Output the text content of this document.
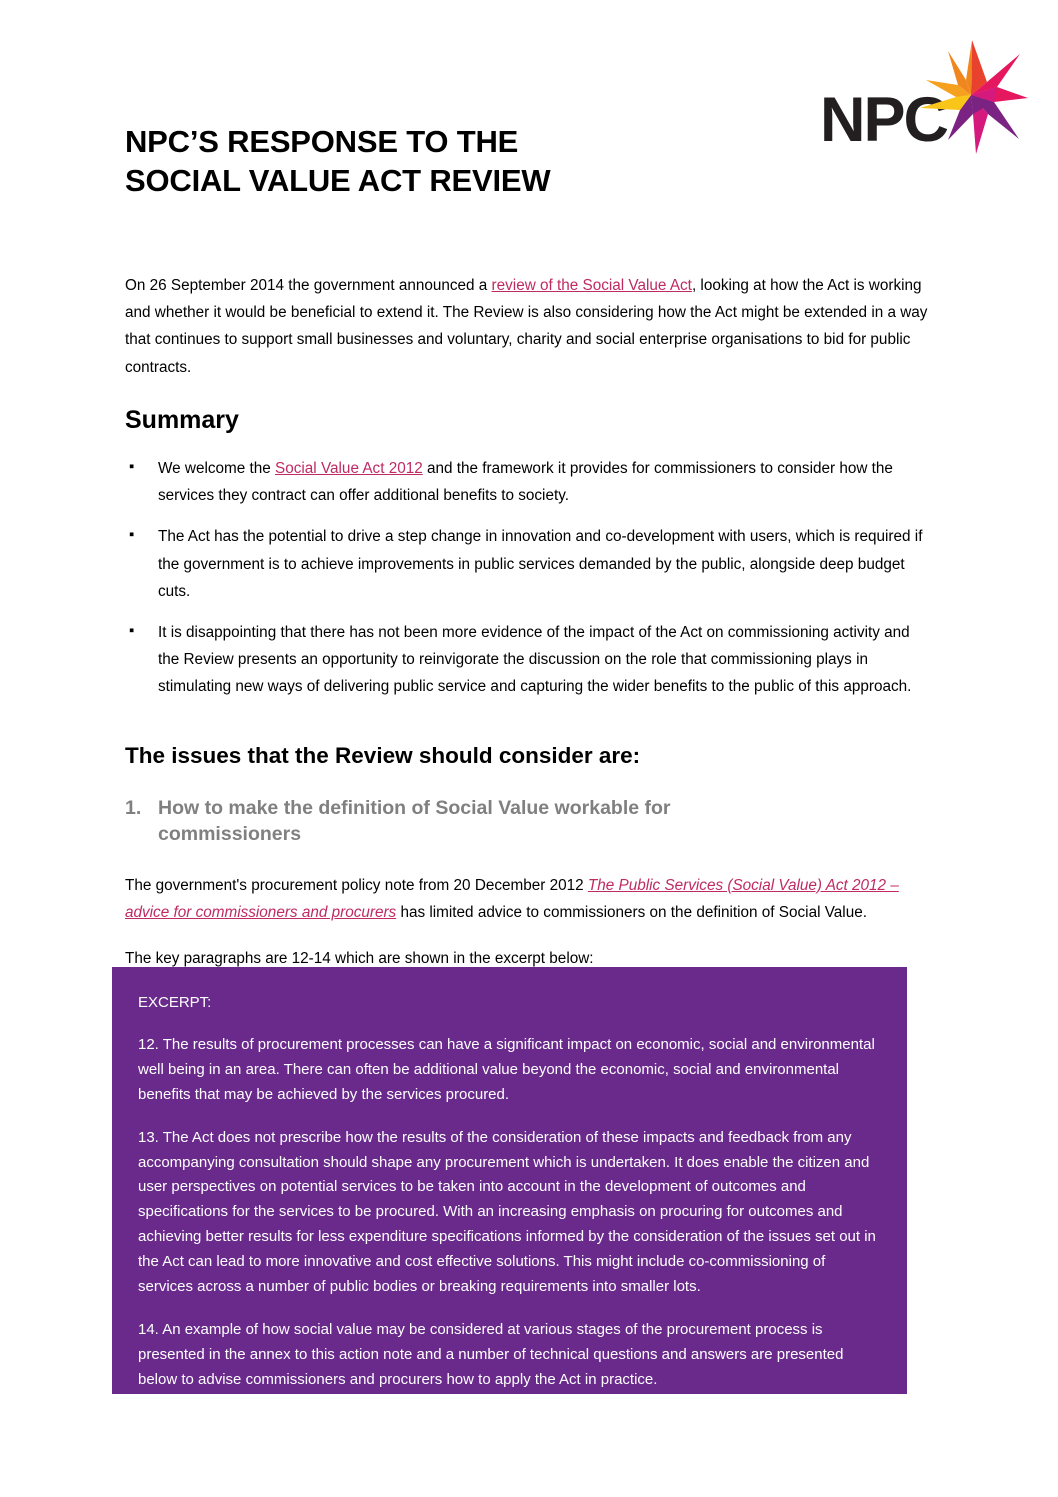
NPC
NPC’S RESPONSE TO THE
SOCIAL VALUE ACT REVIEW

On 26 September 2014 the government announced a review of the Social Value Act, looking at how the Act is working and whether it would be beneficial to extend it. The Review is also considering how the Act might be extended in a way that continues to support small businesses and voluntary, charity and social enterprise organisations to bid for public contracts.

Summary
▪ We welcome the Social Value Act 2012 and the framework it provides for commissioners to consider how the services they contract can offer additional benefits to society.
▪ The Act has the potential to drive a step change in innovation and co-development with users, which is required if the government is to achieve improvements in public services demanded by the public, alongside deep budget cuts.
▪ It is disappointing that there has not been more evidence of the impact of the Act on commissioning activity and the Review presents an opportunity to reinvigorate the discussion on the role that commissioning plays in stimulating new ways of delivering public service and capturing the wider benefits to the public of this approach.
The issues that the Review should consider are:
1. How to make the definition of Social Value workable for commissioners

The government's procurement policy note from 20 December 2012 The Public Services (Social Value) Act 2012 – advice for commissioners and procurers has limited advice to commissioners on the definition of Social Value.

The key paragraphs are 12-14 which are shown in the excerpt below:

EXCERPT:

12. The results of procurement processes can have a significant impact on economic, social and environmental well being in an area. There can often be additional value beyond the economic, social and environmental benefits that may be achieved by the services procured.

13. The Act does not prescribe how the results of the consideration of these impacts and feedback from any accompanying consultation should shape any procurement which is undertaken. It does enable the citizen and user perspectives on potential services to be taken into account in the development of outcomes and specifications for the services to be procured. With an increasing emphasis on procuring for outcomes and achieving better results for less expenditure specifications informed by the consideration of the issues set out in the Act can lead to more innovative and cost effective solutions. This might include co-commissioning of services across a number of public bodies or breaking requirements into smaller lots.

14. An example of how social value may be considered at various stages of the procurement process is presented in the annex to this action note and a number of technical questions and answers are presented below to advise commissioners and procurers how to apply the Act in practice.
